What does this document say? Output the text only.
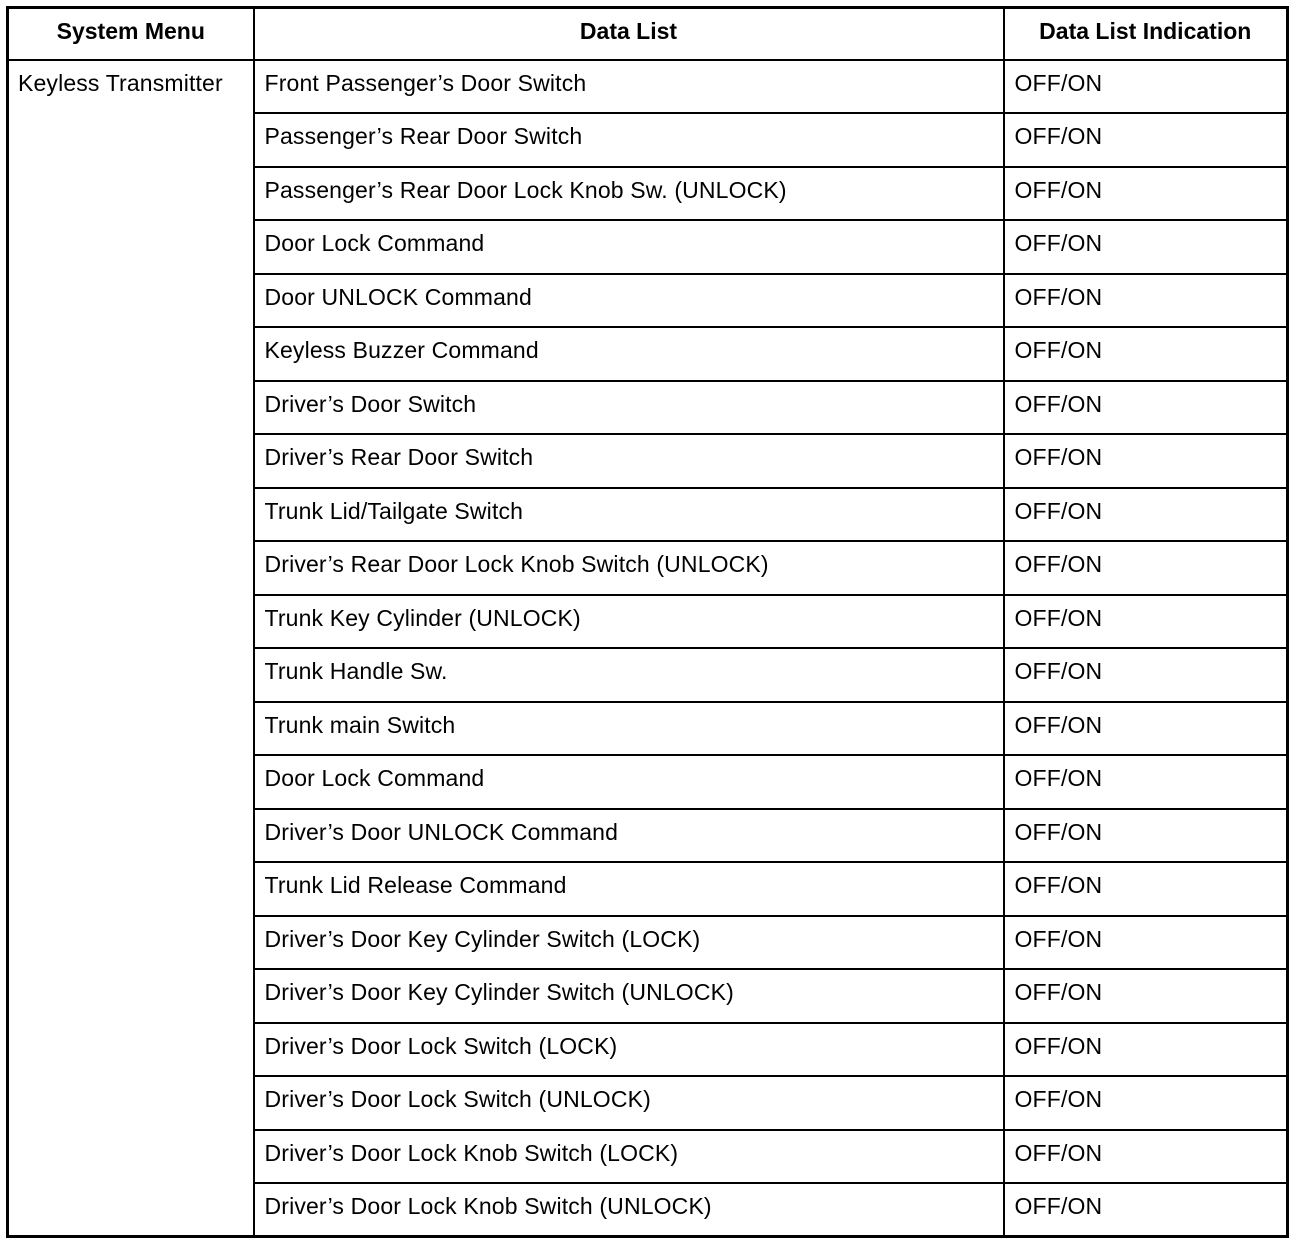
System Menu	Data List	Data List Indication
Keyless Transmitter	Front Passenger’s Door Switch	OFF/ON
	Passenger’s Rear Door Switch	OFF/ON
	Passenger’s Rear Door Lock Knob Sw. (UNLOCK)	OFF/ON
	Door Lock Command	OFF/ON
	Door UNLOCK Command	OFF/ON
	Keyless Buzzer Command	OFF/ON
	Driver’s Door Switch	OFF/ON
	Driver’s Rear Door Switch	OFF/ON
	Trunk Lid/Tailgate Switch	OFF/ON
	Driver’s Rear Door Lock Knob Switch (UNLOCK)	OFF/ON
	Trunk Key Cylinder (UNLOCK)	OFF/ON
	Trunk Handle Sw.	OFF/ON
	Trunk main Switch	OFF/ON
	Door Lock Command	OFF/ON
	Driver’s Door UNLOCK Command	OFF/ON
	Trunk Lid Release Command	OFF/ON
	Driver’s Door Key Cylinder Switch (LOCK)	OFF/ON
	Driver’s Door Key Cylinder Switch (UNLOCK)	OFF/ON
	Driver’s Door Lock Switch (LOCK)	OFF/ON
	Driver’s Door Lock Switch (UNLOCK)	OFF/ON
	Driver’s Door Lock Knob Switch (LOCK)	OFF/ON
	Driver’s Door Lock Knob Switch (UNLOCK)	OFF/ON
